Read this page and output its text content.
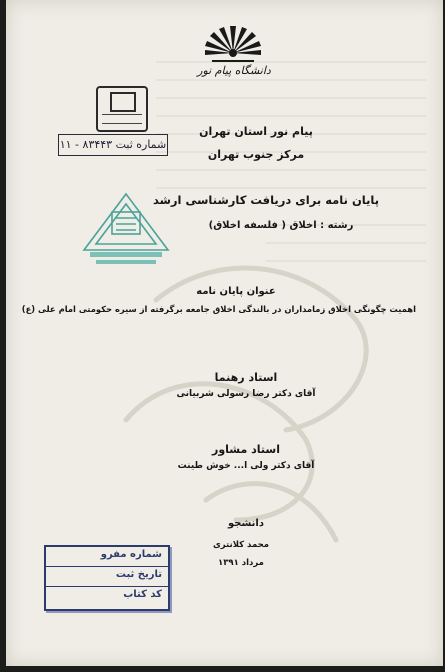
دانشگاه پیام نور
شماره ثبت ۸۳۴۴۳ - ۱۱
پیام نور استان تهران
مرکز جنوب تهران
پایان نامه برای دریافت کارشناسی ارشد
رشته : اخلاق ( فلسفه اخلاق)
عنوان پایان نامه
اهمیت چگونگی اخلاق زمامداران در بالندگی اخلاق جامعه برگرفته از سیره حکومتی امام علی (ع)
استاد رهنما
آقای دکتر رضا رسولی شربیانی
استاد مشاور
آقای دکتر ولی ا... خوش طینت
دانشجو
محمد کلانتری
مرداد ۱۳۹۱
شماره مفرو
تاریخ ثبت
کد کتاب
